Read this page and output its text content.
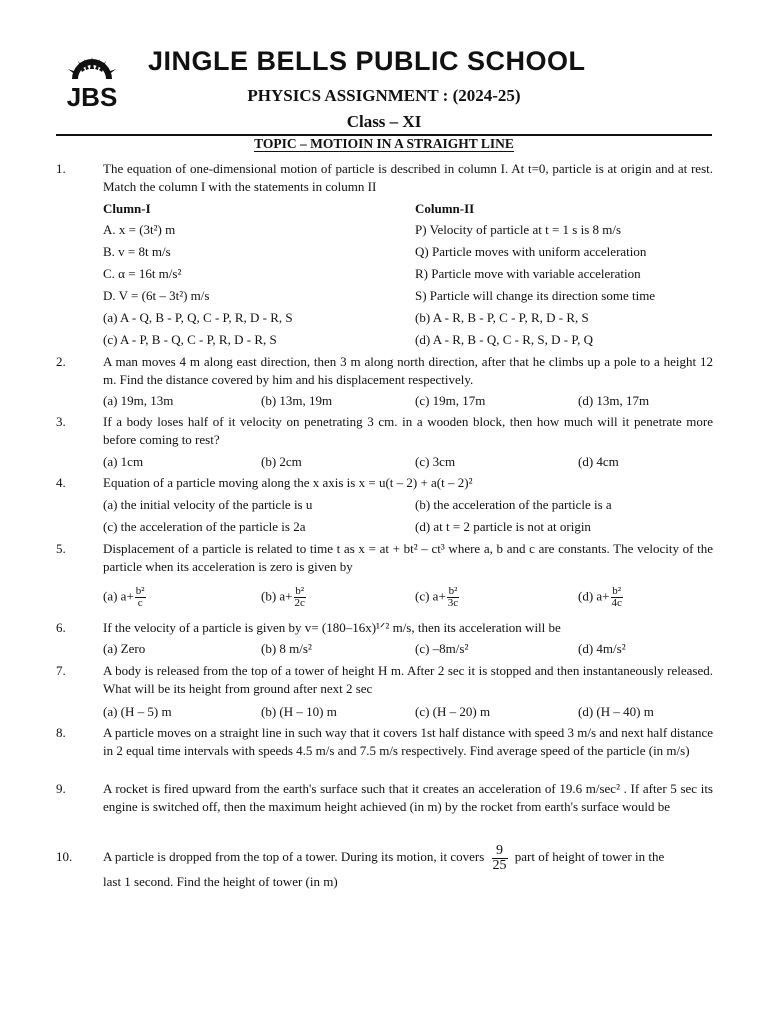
JBS
JINGLE BELLS PUBLIC SCHOOL
PHYSICS ASSIGNMENT : (2024-25)
Class – XI
TOPIC – MOTIOIN IN A STRAIGHT LINE
1.	The equation of one-dimensional motion of particle is described in column I. At t=0, particle is at origin and at rest. Match the column I with the statements in column II
Clumn-I	Column-II
A. x = (3t²) m	P) Velocity of particle at t = 1 s is 8 m/s
B. v = 8t m/s	Q) Particle moves with uniform acceleration
C. α = 16t m/s²	R) Particle move with variable acceleration
D. V = (6t – 3t²) m/s	S) Particle will change its direction some time
(a) A - Q, B - P, Q, C - P, R, D - R, S	(b) A - R, B - P, C - P, R, D - R, S
(c) A - P, B - Q, C - P, R, D - R, S	(d) A - R, B - Q, C - R, S, D - P, Q
2.	A man moves 4 m along east direction, then 3 m along north direction, after that he climbs up a pole to a height 12 m. Find the distance covered by him and his displacement respectively.
(a) 19m, 13m	(b) 13m, 19m	(c) 19m, 17m	(d) 13m, 17m
3.	If a body loses half of it velocity on penetrating 3 cm. in a wooden block, then how much will it penetrate more before coming to rest?
(a) 1cm	(b) 2cm	(c) 3cm	(d) 4cm
4.	Equation of a particle moving along the x axis is x = u(t – 2) + a(t – 2)²
(a) the initial velocity of the particle is u	(b) the acceleration of the particle is a
(c) the acceleration of the particle is 2a	(d) at t = 2 particle is not at origin
5.	Displacement of a particle is related to time t as x = at + bt² – ct³ where a, b and c are constants. The velocity of the particle when its acceleration is zero is given by
(a) $a+ \frac{\text{b²}}{c}$	(b) $a+ \frac{\text{b²}}{2c}$	(c) $a+ \frac{\text{b²}}{3c}$	(d) $a+ \frac{\text{b²}}{4c}$
6.	If the velocity of a particle is given by v= (180–16x)¹ᐟ² m/s, then its acceleration will be
(a) Zero	(b) 8 m/s²	(c) –8m/s²	(d) 4m/s²
7.	A body is released from the top of a tower of height H m. After 2 sec it is stopped and then instantaneously released. What will be its height from ground after next 2 sec
(a) (H – 5) m	(b) (H – 10) m	(c) (H – 20) m	(d) (H – 40) m
8.	A particle moves on a straight line in such way that it covers 1st half distance with speed 3 m/s and next half distance in 2 equal time intervals with speeds 4.5 m/s and 7.5 m/s respectively. Find average speed of the particle (in m/s)
9.	A rocket is fired upward from the earth's surface such that it creates an acceleration of 19.6 m/sec² . If after 5 sec its engine is switched off, then the maximum height achieved (in m) by the rocket from earth's surface would be
10. A particle is dropped from the top of a tower. During its motion, it covers $\frac{9}{25}$ part of height of tower in the
last 1 second. Find the height of tower (in m)
